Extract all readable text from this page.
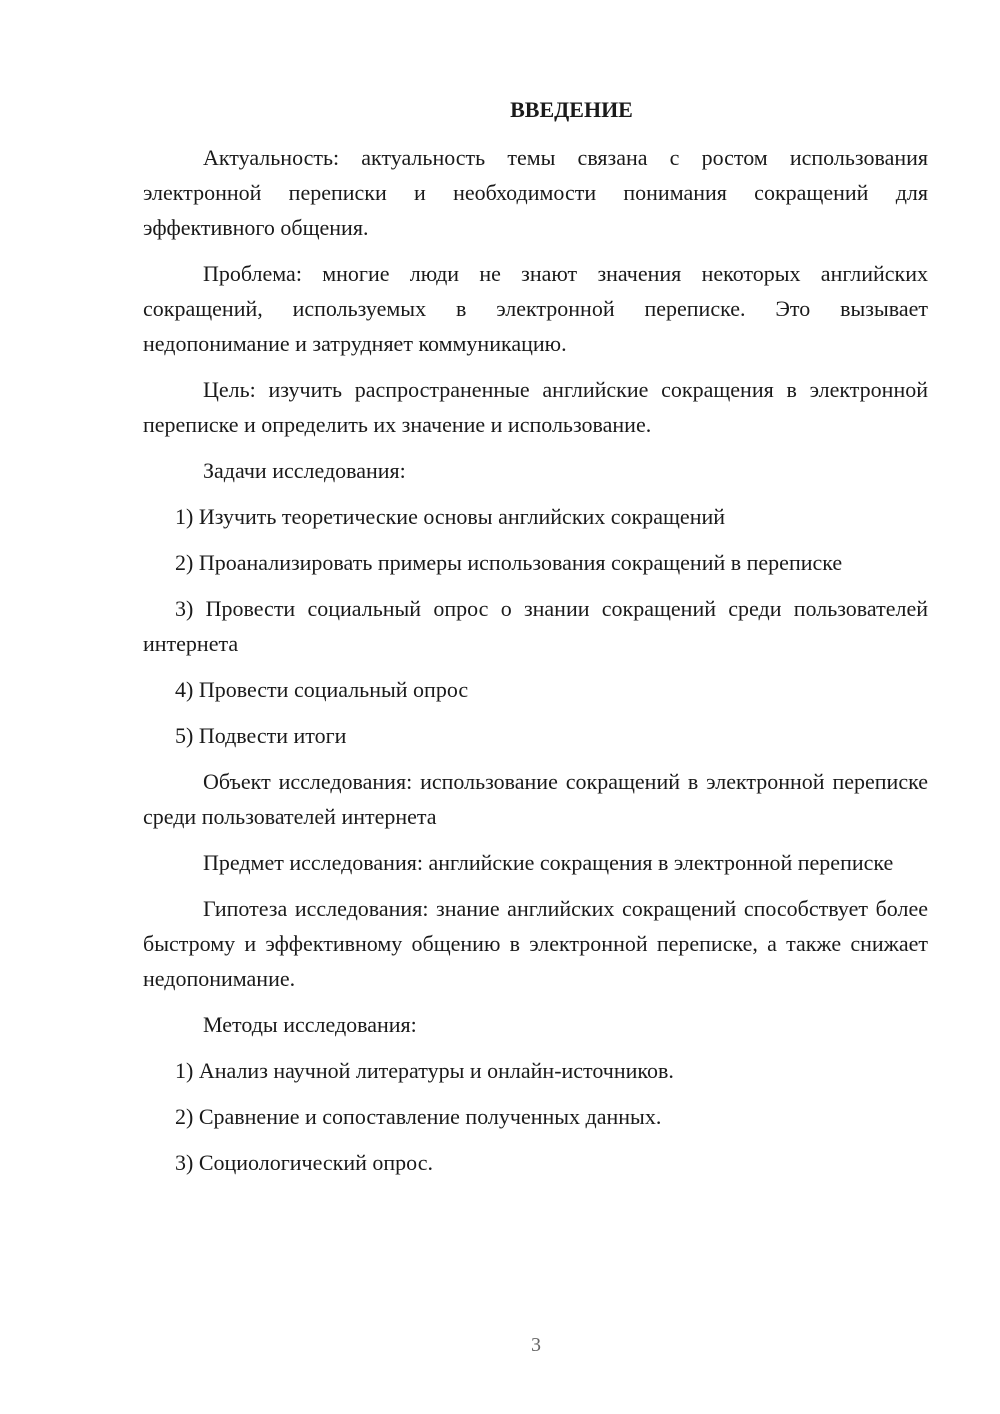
ВВЕДЕНИЕ

Актуальность: актуальность темы связана с ростом использования электронной переписки и необходимости понимания сокращений для эффективного общения.

Проблема: многие люди не знают значения некоторых английских сокращений, используемых в электронной переписке. Это вызывает недопонимание и затрудняет коммуникацию.

Цель: изучить распространенные английские сокращения в электронной переписке и определить их значение и использование.

Задачи исследования:

1) Изучить теоретические основы английских сокращений

2) Проанализировать примеры использования сокращений в переписке

3) Провести социальный опрос о знании сокращений среди пользователей интернета

4) Провести социальный опрос

5) Подвести итоги

Объект исследования: использование сокращений в электронной переписке среди пользователей интернета

Предмет исследования: английские сокращения в электронной переписке

Гипотеза исследования: знание английских сокращений способствует более быстрому и эффективному общению в электронной переписке, а также снижает недопонимание.

Методы исследования:

1) Анализ научной литературы и онлайн-источников.

2) Сравнение и сопоставление полученных данных.

3) Социологический опрос.

3
